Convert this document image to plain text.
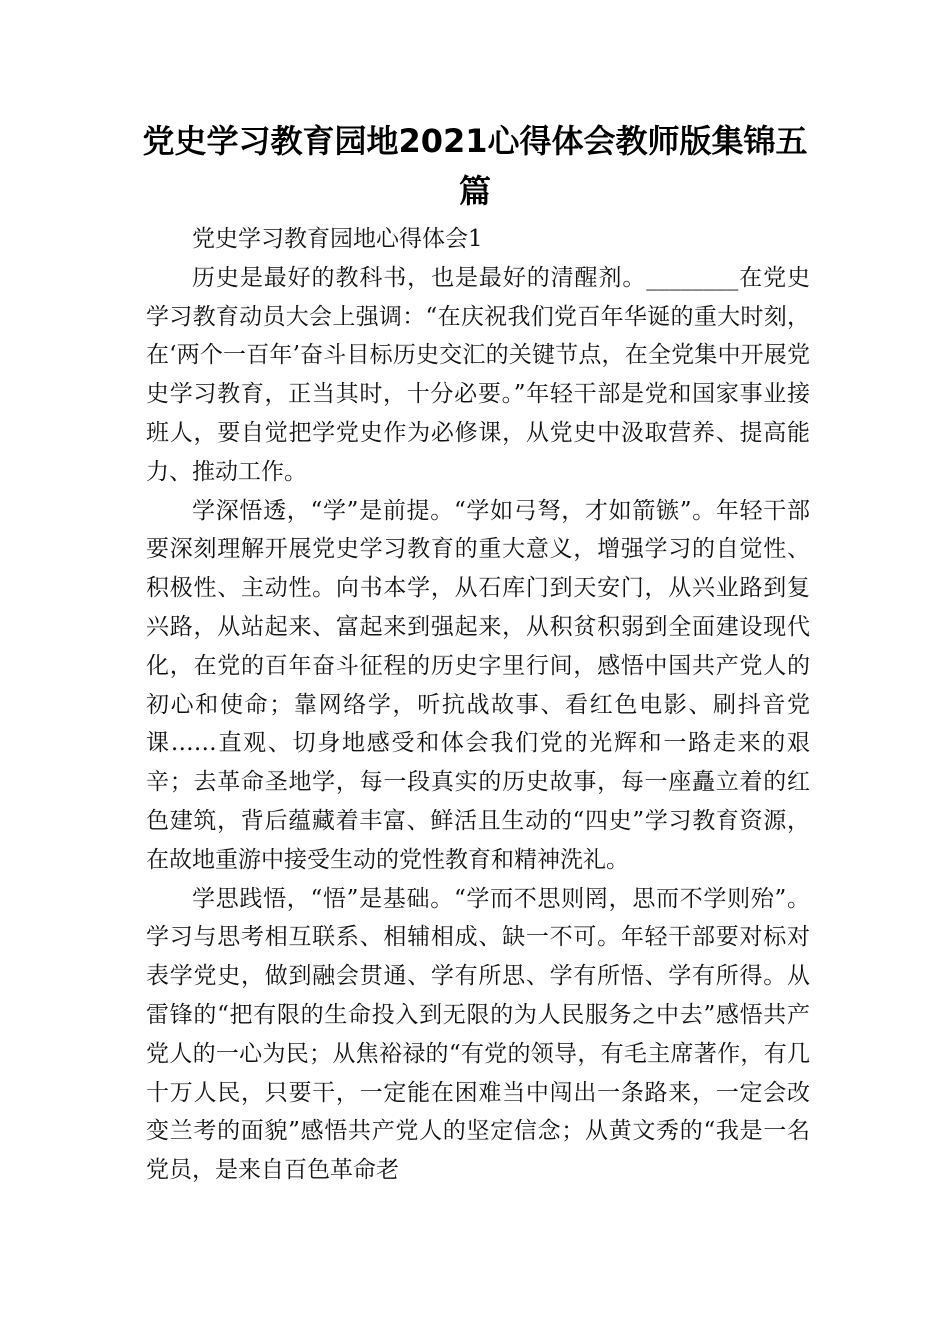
党史学习教育园地2021心得体会教师版集锦五篇

党史学习教育园地心得体会1

历史是最好的教科书，也是最好的清醒剂。________在党史学习教育动员大会上强调：“在庆祝我们党百年华诞的重大时刻，在‘两个一百年’奋斗目标历史交汇的关键节点，在全党集中开展党史学习教育，正当其时，十分必要。”年轻干部是党和国家事业接班人，要自觉把学党史作为必修课，从党史中汲取营养、提高能力、推动工作。

学深悟透，“学”是前提。“学如弓弩，才如箭镞”。年轻干部要深刻理解开展党史学习教育的重大意义，增强学习的自觉性、积极性、主动性。向书本学，从石库门到天安门，从兴业路到复兴路，从站起来、富起来到强起来，从积贫积弱到全面建设现代化，在党的百年奋斗征程的历史字里行间，感悟中国共产党人的初心和使命；靠网络学，听抗战故事、看红色电影、刷抖音党课……直观、切身地感受和体会我们党的光辉和一路走来的艰辛；去革命圣地学，每一段真实的历史故事，每一座矗立着的红色建筑，背后蕴藏着丰富、鲜活且生动的“四史”学习教育资源，在故地重游中接受生动的党性教育和精神洗礼。

学思践悟，“悟”是基础。“学而不思则罔，思而不学则殆”。学习与思考相互联系、相辅相成、缺一不可。年轻干部要对标对表学党史，做到融会贯通、学有所思、学有所悟、学有所得。从雷锋的“把有限的生命投入到无限的为人民服务之中去”感悟共产党人的一心为民；从焦裕禄的“有党的领导，有毛主席著作，有几十万人民，只要干，一定能在困难当中闯出一条路来，一定会改变兰考的面貌”感悟共产党人的坚定信念；从黄文秀的“我是一名党员，是来自百色革命老
